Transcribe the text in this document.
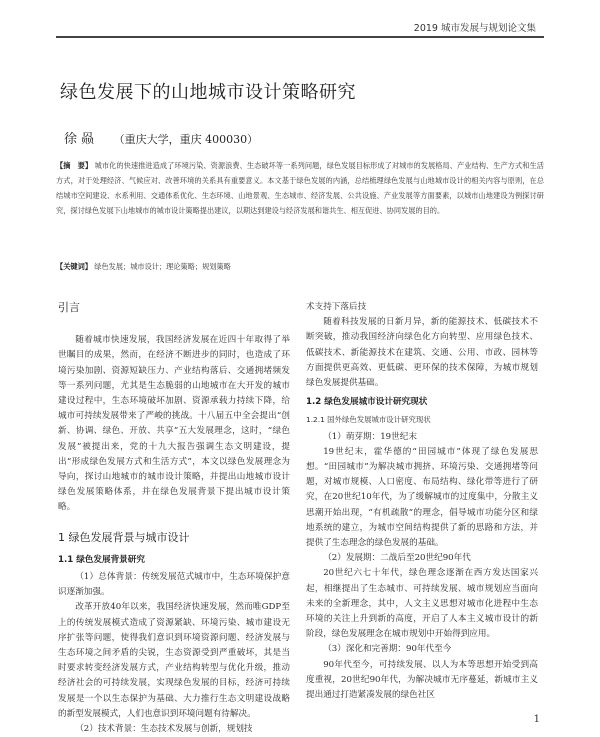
2019 城市发展与规划论文集
绿色发展下的山地城市设计策略研究
徐 赑 （重庆大学，重庆 400030）
【摘　要】 城市化的快速推进造成了环境污染、资源浪费、生态破坏等一系列问题，绿色发展目标形成了对城市的发展格局、产业结构、生产方式和生活方式，对于处理经济、气候应对、改善环境的关系具有重要意义。本文基于绿色发展的内涵，总结梳理绿色发展与山地城市设计的相关内容与原则，在总结城市空间建设、水系利用、交通体系优化、生态环境、山地景观、生态城市、经济发展、公共设施、产业发展等方面要素，以城市山地建设为例探讨研究，探讨绿色发展下山地城市的城市设计策略提出建议，以期达到建设与经济发展和谐共生、相互促进、协同发展的目的。
【关键词】 绿色发展；城市设计；理论策略；规划策略
引言

随着城市快速发展，我国经济发展在近四十年取得了举世瞩目的成果，然而，在经济不断进步的同时，也造成了环境污染加剧、资源短缺压力、产业结构落后、交通拥堵频发等一系列问题，尤其是生态脆弱的山地城市在大开发的城市建设过程中，生态环境破坏加剧、资源承载力持续下降，给城市可持续发展带来了严峻的挑战。十八届五中全会提出“创新、协调、绿色、开放、共享”五大发展理念，这时，“绿色发展”被提出来，党的十九大报告强调生态文明建设，提出“形成绿色发展方式和生活方式”，本文以绿色发展理念为导向，探讨山地城市的城市设计策略，并提出山地城市设计绿色发展策略体系，并在绿色发展背景下提出城市设计策略。

1 绿色发展背景与城市设计
1.1 绿色发展背景研究

（1）总体背景：传统发展范式城市中，生态环境保护意识逐渐加强。

改革开放40年以来，我国经济快速发展，然而唯GDP至上的传统发展模式造成了资源紧缺、环境污染、城市建设无序扩张等问题，使得我们意识到环境资源问题、经济发展与生态环境之间矛盾的尖锐，生态资源受到严重破坏，其是当时要求转变经济发展方式，产业结构转型与优化升级，推动经济社会的可持续发展，实现绿色发展的目标，经济可持续发展是一个以生态保护为基础、大力推行生态文明建设战略的新型发展模式，人们也意识到环境问题有待解决。

（2）技术背景：生态技术发展与创新，规划技

术支持下落后技

随着科技发展的日新月异，新的能源技术、低碳技术不断突破，推动我国经济向绿色化方向转型、应用绿色技术、低碳技术、新能源技术在建筑、交通、公用、市政、园林等方面提供更高效、更低碳、更环保的技术保障，为城市规划绿色发展提供基础。

1.2 绿色发展城市设计研究现状
1.2.1 国外绿色发展城市设计研究现状

（1）萌芽期：19世纪末

19世纪末，霍华德的“田园城市”体现了绿色发展思想。“田园城市”为解决城市拥挤、环境污染、交通拥堵等问题，对城市规模、人口密度、布局结构、绿化带等进行了研究，在20世纪10年代，为了缓解城市的过度集中，分散主义思潮开始出现，“有机疏散”的理念，倡导城市功能分区和绿地系统的建立，为城市空间结构提供了新的思路和方法，并提供了生态理念的绿色发展的基础。

（2）发展期：二战后至20世纪90年代

20世纪六七十年代，绿色理念逐渐在西方发达国家兴起，相继提出了生态城市、可持续发展、城市规划应当面向未来的全新理念，其中，人文主义思想对城市化进程中生态环境的关注上升到新的高度，开启了人本主义城市设计的新阶段，绿色发展理念在城市规划中开始得到应用。

（3）深化和完善期：90年代至今

90年代至今，可持续发展、以人为本等思想开始受到高度重视，20世纪90年代，为解决城市无序蔓延，新城市主义提出通过打造紧凑发展的绿色社区

1
